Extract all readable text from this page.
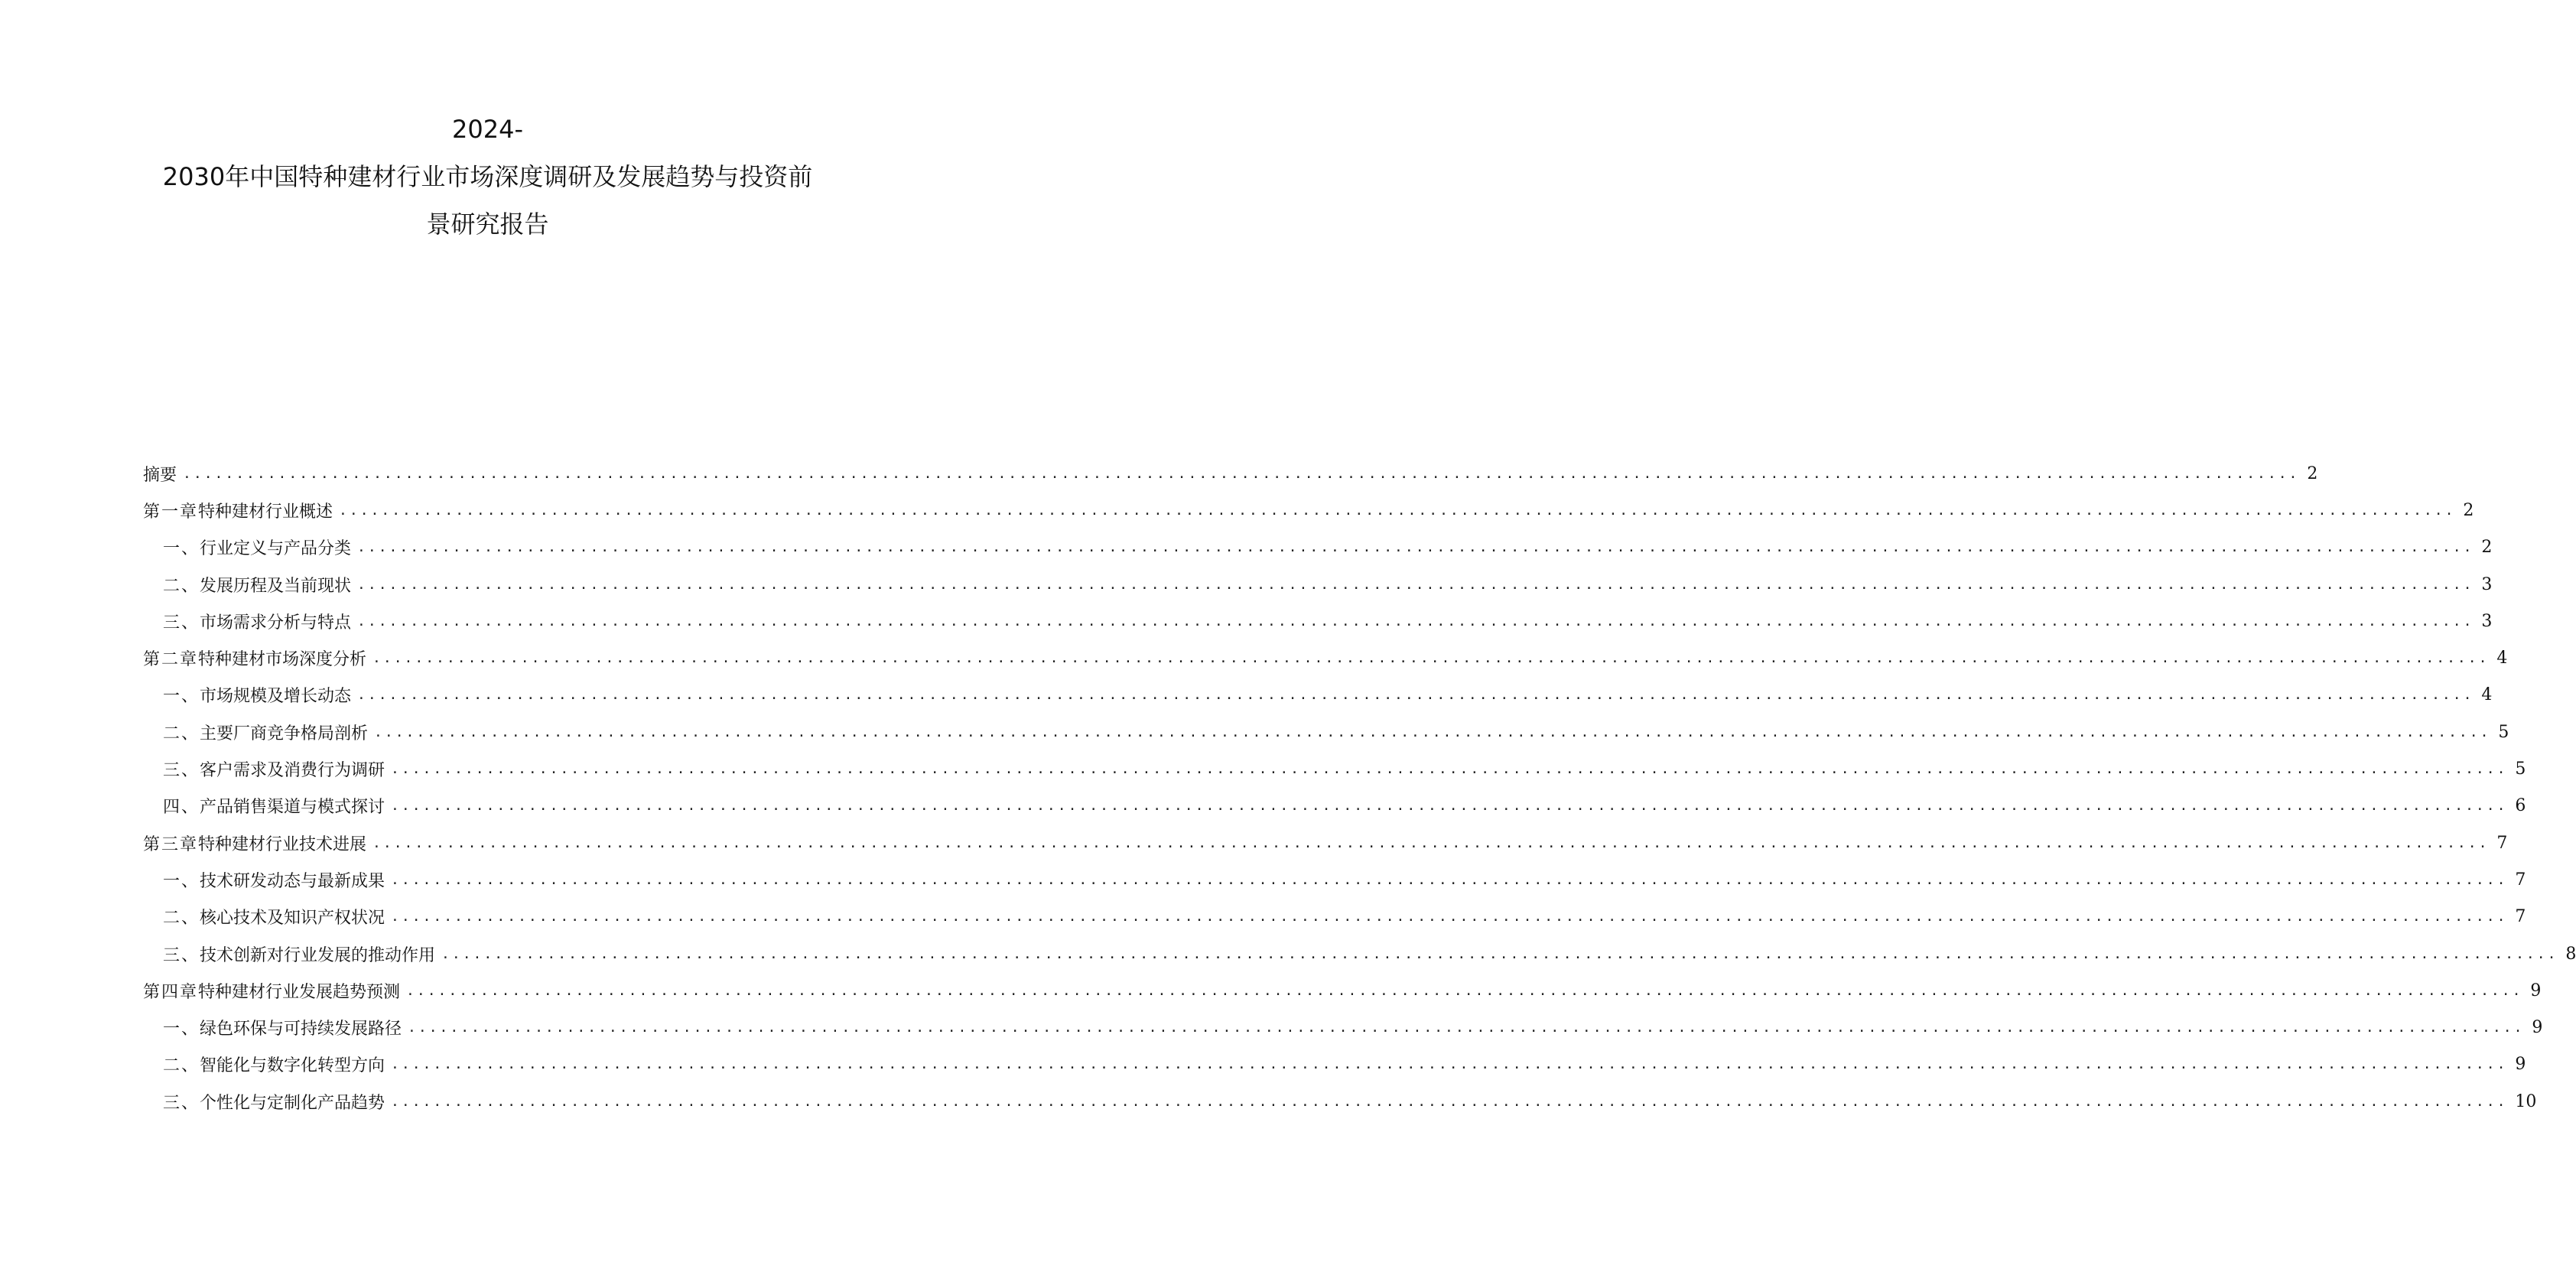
2024-
2030年中国特种建材行业市场深度调研及发展趋势与投资前
景研究报告
摘要 ........................................................................................................................................................................................................ 2
第一章 特种建材行业概述 ........................................................................................................................................................................................................ 2
一、 行业定义与产品分类 ........................................................................................................................................................................................................ 2
二、 发展历程及当前现状 ........................................................................................................................................................................................................ 3
三、 市场需求分析与特点 ........................................................................................................................................................................................................ 3
第二章 特种建材市场深度分析 ........................................................................................................................................................................................................ 4
一、 市场规模及增长动态 ........................................................................................................................................................................................................ 4
二、 主要厂商竞争格局剖析 ........................................................................................................................................................................................................ 5
三、 客户需求及消费行为调研 ........................................................................................................................................................................................................ 5
四、 产品销售渠道与模式探讨 ........................................................................................................................................................................................................ 6
第三章 特种建材行业技术进展 ........................................................................................................................................................................................................ 7
一、 技术研发动态与最新成果 ........................................................................................................................................................................................................ 7
二、 核心技术及知识产权状况 ........................................................................................................................................................................................................ 7
三、 技术创新对行业发展的推动作用 ........................................................................................................................................................................................................ 8
第四章 特种建材行业发展趋势预测 ........................................................................................................................................................................................................ 9
一、 绿色环保与可持续发展路径 ........................................................................................................................................................................................................ 9
二、 智能化与数字化转型方向 ........................................................................................................................................................................................................ 9
三、 个性化与定制化产品趋势 ........................................................................................................................................................................................................ 10
